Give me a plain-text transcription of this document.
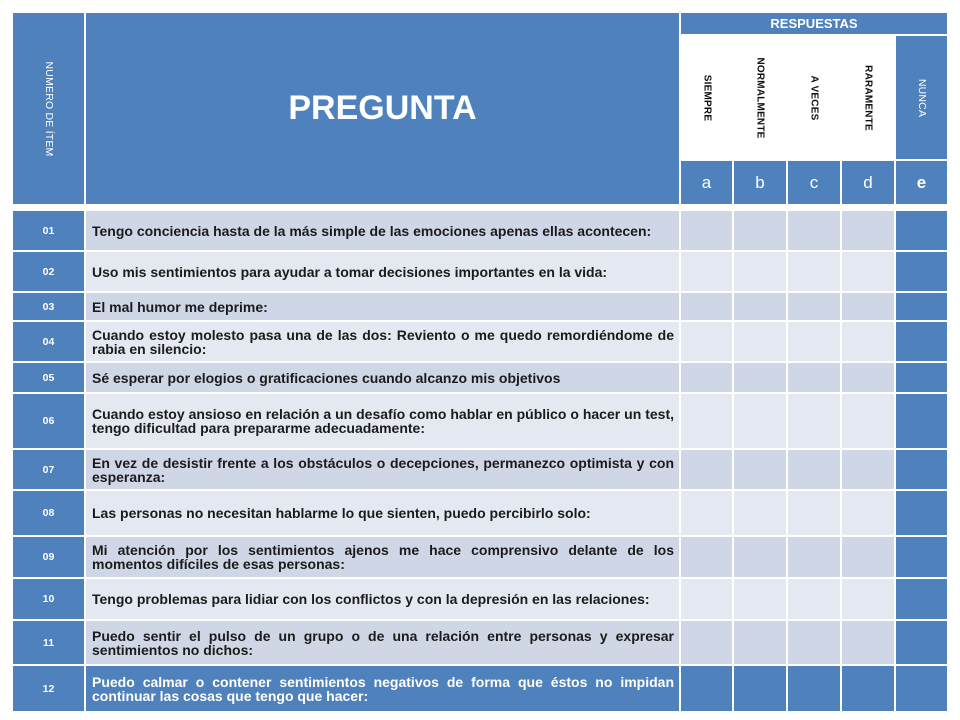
NUMERO DE ÍTEM	PREGUNTA
RESPUESTAS
SIEMPRE	NORMALMENTE	A VECES	RARAMENTE	NUNCA
a	b	c	d	e
01	Tengo conciencia hasta de la más simple de las emociones apenas ellas acontecen:
02	Uso mis sentimientos para ayudar a tomar decisiones importantes en la vida:
03	El mal humor me deprime:
04	Cuando estoy molesto pasa una de las dos: Reviento o me quedo remordiéndome de rabia en silencio:
05	Sé esperar por elogios o gratificaciones cuando alcanzo mis objetivos
06	Cuando estoy ansioso en relación a un desafío como hablar en público o hacer un test, tengo dificultad para prepararme adecuadamente:
07	En vez de desistir frente a los obstáculos o decepciones, permanezco optimista y con esperanza:
08	Las personas no necesitan hablarme lo que sienten, puedo percibirlo solo:
09	Mi atención por los sentimientos ajenos me hace comprensivo delante de los momentos difíciles de esas personas:
10	Tengo problemas para lidiar con los conflictos y con la depresión en las relaciones:
11	Puedo sentir el pulso de un grupo o de una relación entre personas y expresar sentimientos no dichos:
12	Puedo calmar o contener sentimientos negativos de forma que éstos no impidan continuar las cosas que tengo que hacer:
